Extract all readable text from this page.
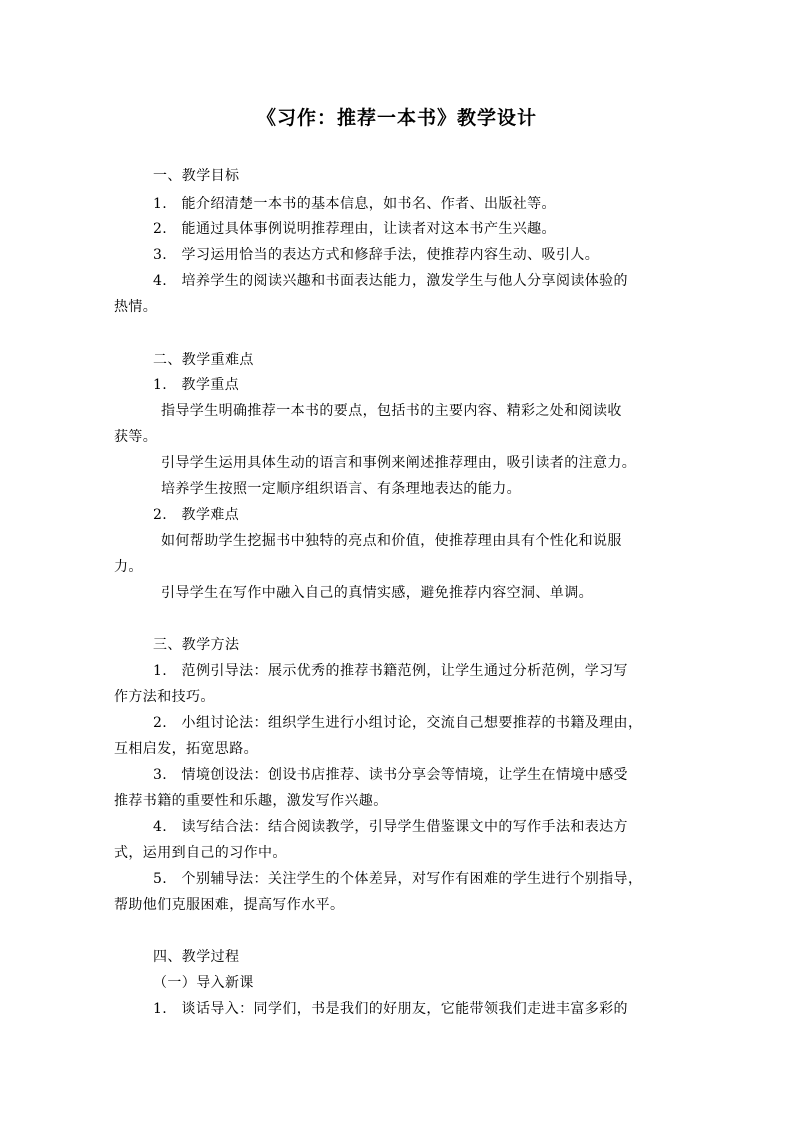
《习作：推荐一本书》教学设计
一、教学目标
1.　能介绍清楚一本书的基本信息，如书名、作者、出版社等。
2.　能通过具体事例说明推荐理由，让读者对这本书产生兴趣。
3.　学习运用恰当的表达方式和修辞手法，使推荐内容生动、吸引人。
4.　培养学生的阅读兴趣和书面表达能力，激发学生与他人分享阅读体验的
热情。
二、教学重难点
1.　教学重点
指导学生明确推荐一本书的要点，包括书的主要内容、精彩之处和阅读收
获等。
引导学生运用具体生动的语言和事例来阐述推荐理由，吸引读者的注意力。
培养学生按照一定顺序组织语言、有条理地表达的能力。
2.　教学难点
如何帮助学生挖掘书中独特的亮点和价值，使推荐理由具有个性化和说服
力。
引导学生在写作中融入自己的真情实感，避免推荐内容空洞、单调。
三、教学方法
1.　范例引导法：展示优秀的推荐书籍范例，让学生通过分析范例，学习写
作方法和技巧。
2.　小组讨论法：组织学生进行小组讨论，交流自己想要推荐的书籍及理由，
互相启发，拓宽思路。
3.　情境创设法：创设书店推荐、读书分享会等情境，让学生在情境中感受
推荐书籍的重要性和乐趣，激发写作兴趣。
4.　读写结合法：结合阅读教学，引导学生借鉴课文中的写作手法和表达方
式，运用到自己的习作中。
5.　个别辅导法：关注学生的个体差异，对写作有困难的学生进行个别指导，
帮助他们克服困难，提高写作水平。
四、教学过程
（一）导入新课
1.　谈话导入：同学们，书是我们的好朋友，它能带领我们走进丰富多彩的
